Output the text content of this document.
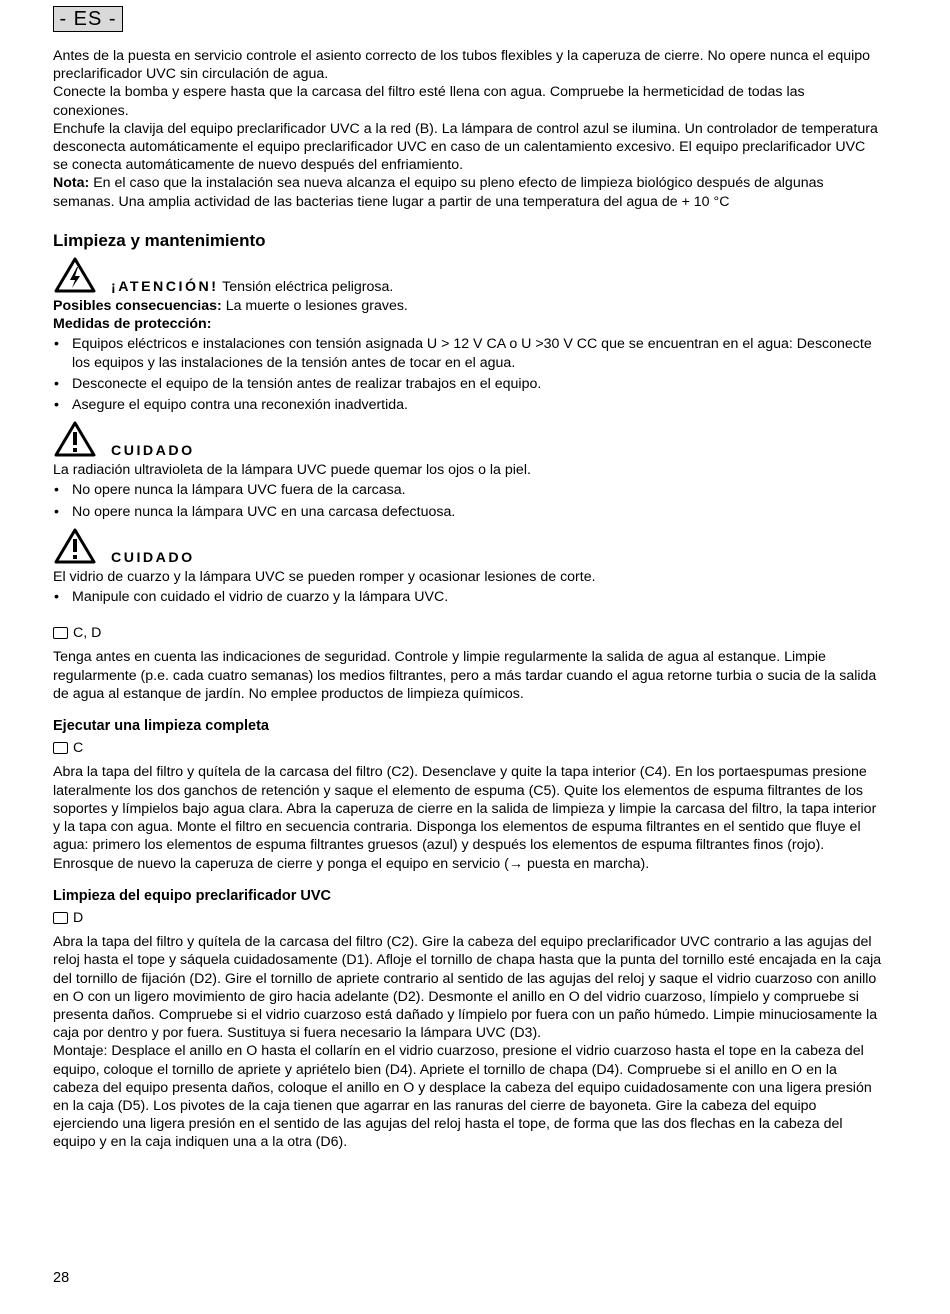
- ES -

Antes de la puesta en servicio controle el asiento correcto de los tubos flexibles y la caperuza de cierre. No opere nunca el equipo preclarificador UVC sin circulación de agua.

Conecte la bomba y espere hasta que la carcasa del filtro esté llena con agua. Compruebe la hermeticidad de todas las conexiones.

Enchufe la clavija del equipo preclarificador UVC a la red (B). La lámpara de control azul se ilumina. Un controlador de temperatura desconecta automáticamente el equipo preclarificador UVC en caso de un calentamiento excesivo. El equipo preclarificador UVC se conecta automáticamente de nuevo después del enfriamiento.

Nota: En el caso que la instalación sea nueva alcanza el equipo su pleno efecto de limpieza biológico después de algunas semanas. Una amplia actividad de las bacterias tiene lugar a partir de una temperatura del agua de + 10 °C

Limpieza y mantenimiento
¡ATENCIÓN! Tensión eléctrica peligrosa.

Posibles consecuencias: La muerte o lesiones graves.

Medidas de protección:

• Equipos eléctricos e instalaciones con tensión asignada U > 12 V CA o U >30 V CC que se encuentran en el agua: Desconecte los equipos y las instalaciones de la tensión antes de tocar en el agua.
• Desconecte el equipo de la tensión antes de realizar trabajos en el equipo.
• Asegure el equipo contra una reconexión inadvertida.
CUIDADO

La radiación ultravioleta de la lámpara UVC puede quemar los ojos o la piel.

• No opere nunca la lámpara UVC fuera de la carcasa.
• No opere nunca la lámpara UVC en una carcasa defectuosa.
CUIDADO

El vidrio de cuarzo y la lámpara UVC se pueden romper y ocasionar lesiones de corte.

• Manipule con cuidado el vidrio de cuarzo y la lámpara UVC.
C, D

Tenga antes en cuenta las indicaciones de seguridad. Controle y limpie regularmente la salida de agua al estanque. Limpie regularmente (p.e. cada cuatro semanas) los medios filtrantes, pero a más tardar cuando el agua retorne turbia o sucia de la salida de agua al estanque de jardín. No emplee productos de limpieza químicos.

Ejecutar una limpieza completa
C

Abra la tapa del filtro y quítela de la carcasa del filtro (C2). Desenclave y quite la tapa interior (C4). En los portaespumas presione lateralmente los dos ganchos de retención y saque el elemento de espuma (C5). Quite los elementos de espuma filtrantes de los soportes y límpielos bajo agua clara. Abra la caperuza de cierre en la salida de limpieza y limpie la carcasa del filtro, la tapa interior y la tapa con agua. Monte el filtro en secuencia contraria. Disponga los elementos de espuma filtrantes en el sentido que fluye el agua: primero los elementos de espuma filtrantes gruesos (azul) y después los elementos de espuma filtrantes finos (rojo). Enrosque de nuevo la caperuza de cierre y ponga el equipo en servicio (→ puesta en marcha).

Limpieza del equipo preclarificador UVC
D

Abra la tapa del filtro y quítela de la carcasa del filtro (C2). Gire la cabeza del equipo preclarificador UVC contrario a las agujas del reloj hasta el tope y sáquela cuidadosamente (D1). Afloje el tornillo de chapa hasta que la punta del tornillo esté encajada en la caja del tornillo de fijación (D2). Gire el tornillo de apriete contrario al sentido de las agujas del reloj y saque el vidrio cuarzoso con anillo en O con un ligero movimiento de giro hacia adelante (D2). Desmonte el anillo en O del vidrio cuarzoso, límpielo y compruebe si presenta daños. Compruebe si el vidrio cuarzoso está dañado y límpielo por fuera con un paño húmedo. Limpie minuciosamente la caja por dentro y por fuera. Sustituya si fuera necesario la lámpara UVC (D3).

Montaje: Desplace el anillo en O hasta el collarín en el vidrio cuarzoso, presione el vidrio cuarzoso hasta el tope en la cabeza del equipo, coloque el tornillo de apriete y apriételo bien (D4). Apriete el tornillo de chapa (D4). Compruebe si el anillo en O en la cabeza del equipo presenta daños, coloque el anillo en O y desplace la cabeza del equipo cuidadosamente con una ligera presión en la caja (D5). Los pivotes de la caja tienen que agarrar en las ranuras del cierre de bayoneta. Gire la cabeza del equipo ejerciendo una ligera presión en el sentido de las agujas del reloj hasta el tope, de forma que las dos flechas en la cabeza del equipo y en la caja indiquen una a la otra (D6).

28
